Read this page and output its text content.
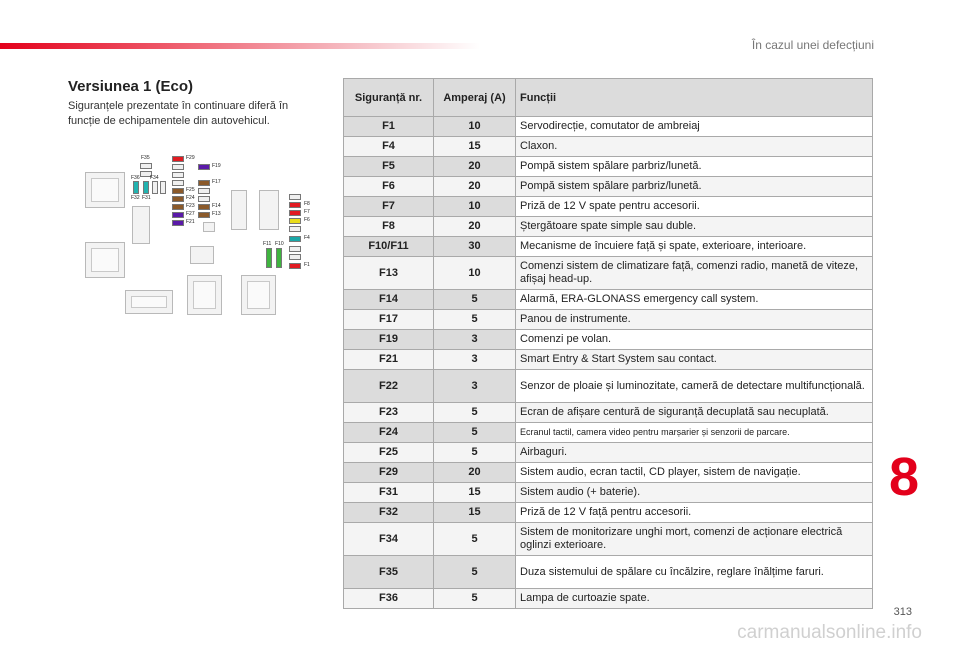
În cazul unei defecțiuni
Versiunea 1 (Eco)
Siguranțele prezentate în continuare diferă în funcție de echipamentele din autovehicul.
F35	F29
F19
F36 F34
F32 F31
F17
F25
F24
F23	F14
F27	F13
F21
F8
F7
F6
F4
F1
F11 F10
Siguranță nr.	Amperaj (A)	Funcții
F1	10	Servodirecție, comutator de ambreiaj
F4	15	Claxon.
F5	20	Pompă sistem spălare parbriz/lunetă.
F6	20	Pompă sistem spălare parbriz/lunetă.
F7	10	Priză de 12 V spate pentru accesorii.
F8	20	Ștergătoare spate simple sau duble.
F10/F11	30	Mecanisme de încuiere față și spate, exterioare, interioare.
F13	10	Comenzi sistem de climatizare față, comenzi radio, manetă de viteze, afișaj head-up.
F14	5	Alarmă, ERA-GLONASS emergency call system.
F17	5	Panou de instrumente.
F19	3	Comenzi pe volan.
F21	3	Smart Entry & Start System sau contact.
F22	3	Senzor de ploaie și luminozitate, cameră de detectare multifuncțională.
F23	5	Ecran de afișare centură de siguranță decuplată sau necuplată.
F24	5	Ecranul tactil, camera video pentru marșarier și senzorii de parcare.
F25	5	Airbaguri.
F29	20	Sistem audio, ecran tactil, CD player, sistem de navigație.
F31	15	Sistem audio (+ baterie).
F32	15	Priză de 12 V față pentru accesorii.
F34	5	Sistem de monitorizare unghi mort, comenzi de acționare electrică oglinzi exterioare.
F35	5	Duza sistemului de spălare cu încălzire, reglare înălțime faruri.
F36	5	Lampa de curtoazie spate.
8
313
carmanualsonline.info
